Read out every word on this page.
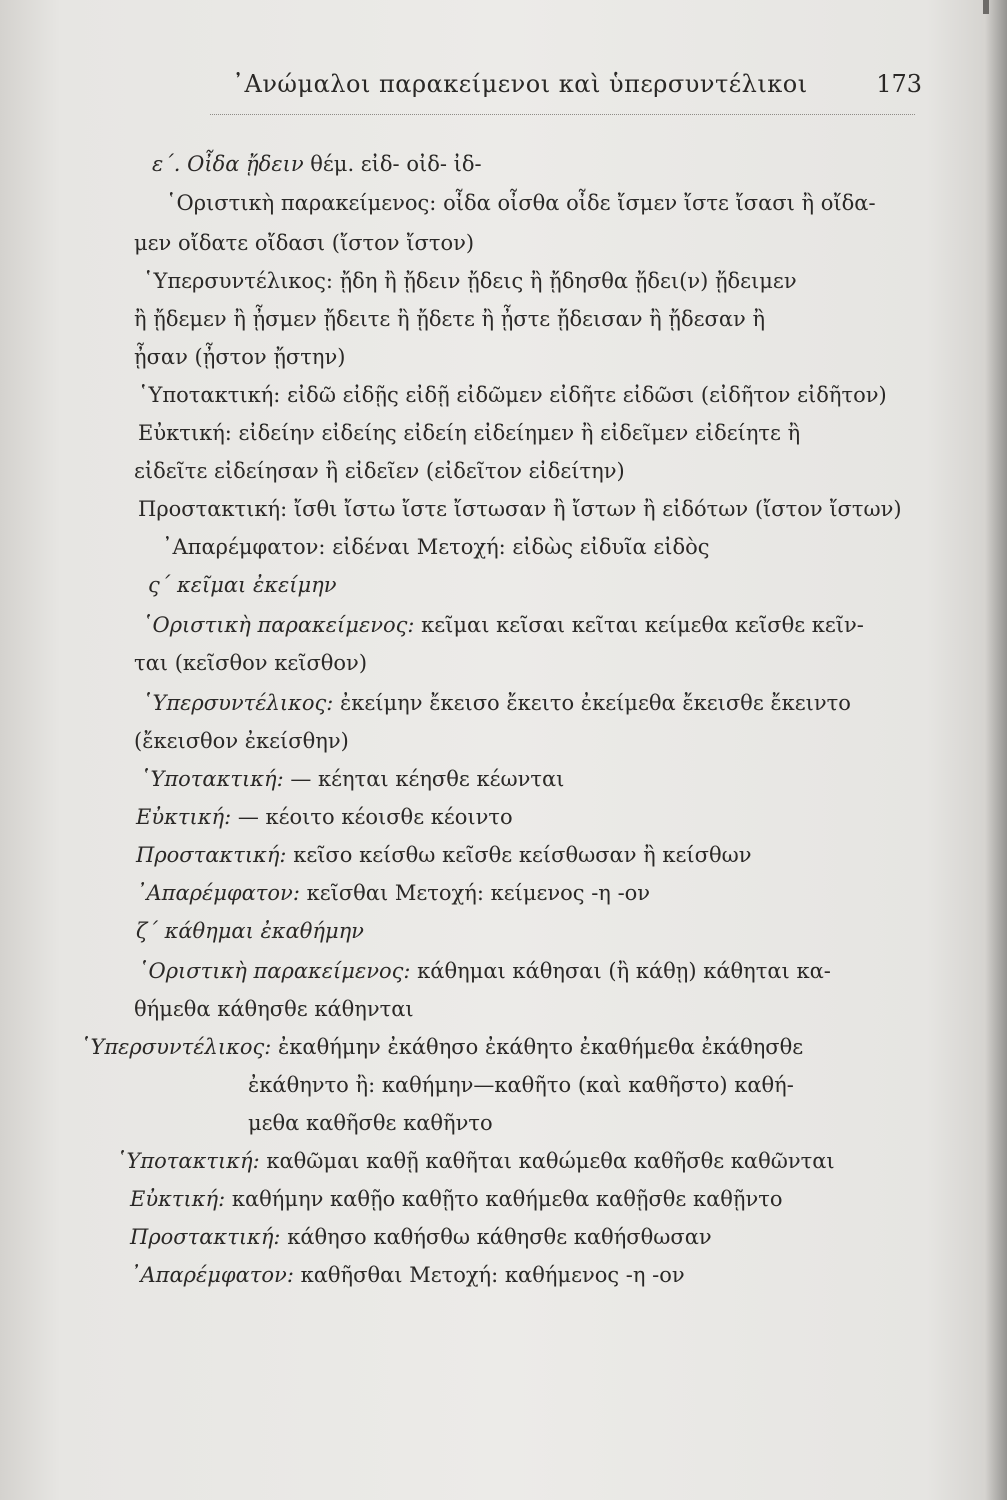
᾿Ανώμαλοι παρακείμενοι καὶ ὑπερσυντέλικοι	173
ε΄. Οἶδα ᾔδειν θέμ. εἰδ- οἰδ- ἰδ-
῾Οριστικὴ παρακείμενος: οἶδα οἶσθα οἶδε ἴσμεν ἴστε ἴσασι ἢ οἴδα-
μεν οἴδατε οἴδασι (ἴστον ἴστον)
῾Υπερσυντέλικος: ᾔδη ἢ ᾔδειν ᾔδεις ἢ ᾔδησθα ᾔδει(ν) ᾔδειμεν
ἢ ᾔδεμεν ἢ ᾖσμεν ᾔδειτε ἢ ᾔδετε ἢ ᾖστε ᾔδεισαν ἢ ᾔδεσαν ἢ
ᾖσαν (ᾖστον ᾔστην)
῾Υποτακτική: εἰδῶ εἰδῇς εἰδῇ εἰδῶμεν εἰδῆτε εἰδῶσι (εἰδῆτον εἰδῆτον)
Εὐκτική: εἰδείην εἰδείης εἰδείη εἰδείημεν ἢ εἰδεῖμεν εἰδείητε ἢ
εἰδεῖτε εἰδείησαν ἢ εἰδεῖεν (εἰδεῖτον εἰδείτην)
Προστακτική: ἴσθι ἴστω ἴστε ἴστωσαν ἢ ἴστων ἢ εἰδότων (ἴστον ἴστων)
᾿Απαρέμφατον: εἰδέναι Μετοχή: εἰδὼς εἰδυῖα εἰδὸς
ς΄ κεῖμαι ἐκείμην
῾Οριστικὴ παρακείμενος: κεῖμαι κεῖσαι κεῖται κείμεθα κεῖσθε κεῖν-
ται (κεῖσθον κεῖσθον)
῾Υπερσυντέλικος: ἐκείμην ἔκεισο ἔκειτο ἐκείμεθα ἔκεισθε ἔκειντο
(ἔκεισθον ἐκείσθην)
῾Υποτακτική: — κέηται κέησθε κέωνται
Εὐκτική: — κέοιτο κέοισθε κέοιντο
Προστακτική: κεῖσο κείσθω κεῖσθε κείσθωσαν ἢ κείσθων
᾿Απαρέμφατον: κεῖσθαι Μετοχή: κείμενος -η -ον
ζ΄ κάθημαι ἐκαθήμην
῾Οριστικὴ παρακείμενος: κάθημαι κάθησαι (ἢ κάθῃ) κάθηται κα-
θήμεθα κάθησθε κάθηνται
῾Υπερσυντέλικος: ἐκαθήμην ἐκάθησο ἐκάθητο ἐκαθήμεθα ἐκάθησθε
ἐκάθηντο ἢ: καθήμην—καθῆτο (καὶ καθῆστο) καθή-
μεθα καθῆσθε καθῆντο
῾Υποτακτική: καθῶμαι καθῇ καθῆται καθώμεθα καθῆσθε καθῶνται
Εὐκτική: καθήμην καθῇο καθῇτο καθήμεθα καθῇσθε καθῇντο
Προστακτική: κάθησο καθήσθω κάθησθε καθήσθωσαν
᾿Απαρέμφατον: καθῆσθαι Μετοχή: καθήμενος -η -ον
